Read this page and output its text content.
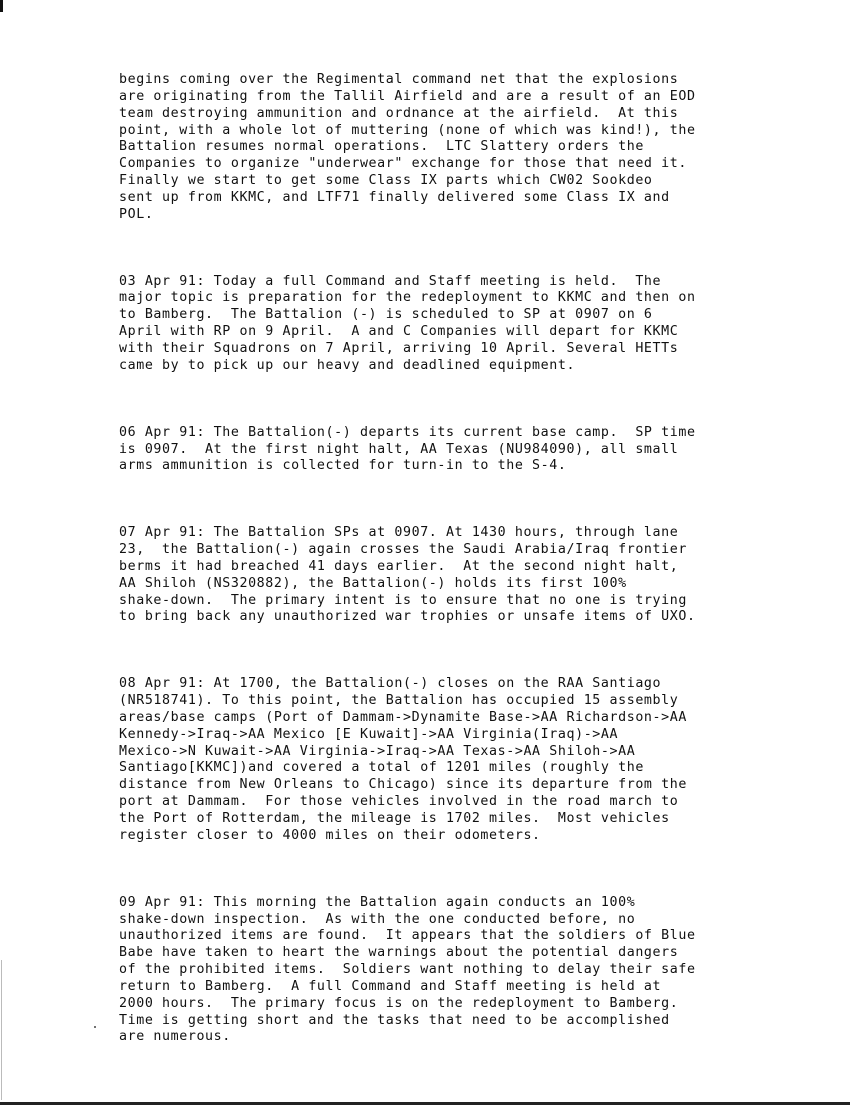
begins coming over the Regimental command net that the explosions
are originating from the Tallil Airfield and are a result of an EOD
team destroying ammunition and ordnance at the airfield.  At this
point, with a whole lot of muttering (none of which was kind!), the
Battalion resumes normal operations.  LTC Slattery orders the
Companies to organize "underwear" exchange for those that need it.
Finally we start to get some Class IX parts which CW02 Sookdeo
sent up from KKMC, and LTF71 finally delivered some Class IX and
POL.

03 Apr 91: Today a full Command and Staff meeting is held.  The
major topic is preparation for the redeployment to KKMC and then on
to Bamberg.  The Battalion (-) is scheduled to SP at 0907 on 6
April with RP on 9 April.  A and C Companies will depart for KKMC
with their Squadrons on 7 April, arriving 10 April. Several HETTs
came by to pick up our heavy and deadlined equipment.

06 Apr 91: The Battalion(-) departs its current base camp.  SP time
is 0907.  At the first night halt, AA Texas (NU984090), all small
arms ammunition is collected for turn-in to the S-4.

07 Apr 91: The Battalion SPs at 0907. At 1430 hours, through lane
23,  the Battalion(-) again crosses the Saudi Arabia/Iraq frontier
berms it had breached 41 days earlier.  At the second night halt,
AA Shiloh (NS320882), the Battalion(-) holds its first 100%
shake-down.  The primary intent is to ensure that no one is trying
to bring back any unauthorized war trophies or unsafe items of UXO.

08 Apr 91: At 1700, the Battalion(-) closes on the RAA Santiago
(NR518741). To this point, the Battalion has occupied 15 assembly
areas/base camps (Port of Dammam->Dynamite Base->AA Richardson->AA
Kennedy->Iraq->AA Mexico [E Kuwait]->AA Virginia(Iraq)->AA
Mexico->N Kuwait->AA Virginia->Iraq->AA Texas->AA Shiloh->AA
Santiago[KKMC])and covered a total of 1201 miles (roughly the
distance from New Orleans to Chicago) since its departure from the
port at Dammam.  For those vehicles involved in the road march to
the Port of Rotterdam, the mileage is 1702 miles.  Most vehicles
register closer to 4000 miles on their odometers.

09 Apr 91: This morning the Battalion again conducts an 100%
shake-down inspection.  As with the one conducted before, no
unauthorized items are found.  It appears that the soldiers of Blue
Babe have taken to heart the warnings about the potential dangers
of the prohibited items.  Soldiers want nothing to delay their safe
return to Bamberg.  A full Command and Staff meeting is held at
2000 hours.  The primary focus is on the redeployment to Bamberg.
Time is getting short and the tasks that need to be accomplished
are numerous.
